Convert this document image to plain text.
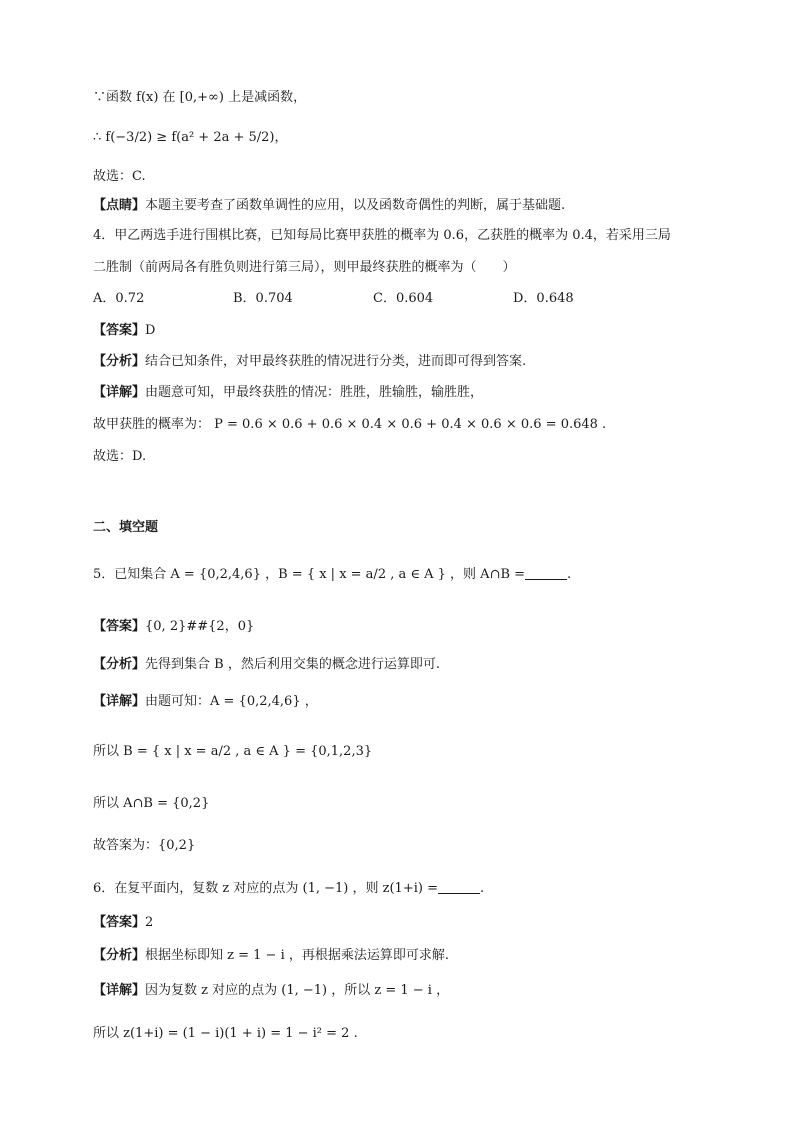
∵函数 f(x) 在 [0,+∞) 上是减函数，
∴ f(−3/2) ≥ f(a² + 2a + 5/2)，
故选：C.
【点睛】本题主要考查了函数单调性的应用，以及函数奇偶性的判断，属于基础题.
4．甲乙两选手进行围棋比赛，已知每局比赛甲获胜的概率为 0.6，乙获胜的概率为 0.4，若采用三局
二胜制（前两局各有胜负则进行第三局），则甲最终获胜的概率为（　　）
A．0.72	B．0.704	C．0.604	D．0.648
【答案】D
【分析】结合已知条件，对甲最终获胜的情况进行分类，进而即可得到答案.
【详解】由题意可知，甲最终获胜的情况：胜胜，胜输胜，输胜胜，
故甲获胜的概率为： P = 0.6 × 0.6 + 0.6 × 0.4 × 0.6 + 0.4 × 0.6 × 0.6 = 0.648 .
故选：D.
二、填空题
5．已知集合 A = {0,2,4,6} ，B = { x | x = a/2 , a ∈ A } ，则 A∩B =	.
【答案】{0, 2}##{2，0}
【分析】先得到集合 B ，然后利用交集的概念进行运算即可.
【详解】由题可知：A = {0,2,4,6} ，
所以 B = { x | x = a/2 , a ∈ A } = {0,1,2,3}
所以 A∩B = {0,2}
故答案为：{0,2}
6．在复平面内，复数 z 对应的点为 (1, −1) ，则 z(1+i) =	.
【答案】2
【分析】根据坐标即知 z = 1 − i ，再根据乘法运算即可求解.
【详解】因为复数 z 对应的点为 (1, −1) ，所以 z = 1 − i ，
所以 z(1+i) = (1 − i)(1 + i) = 1 − i² = 2 .
